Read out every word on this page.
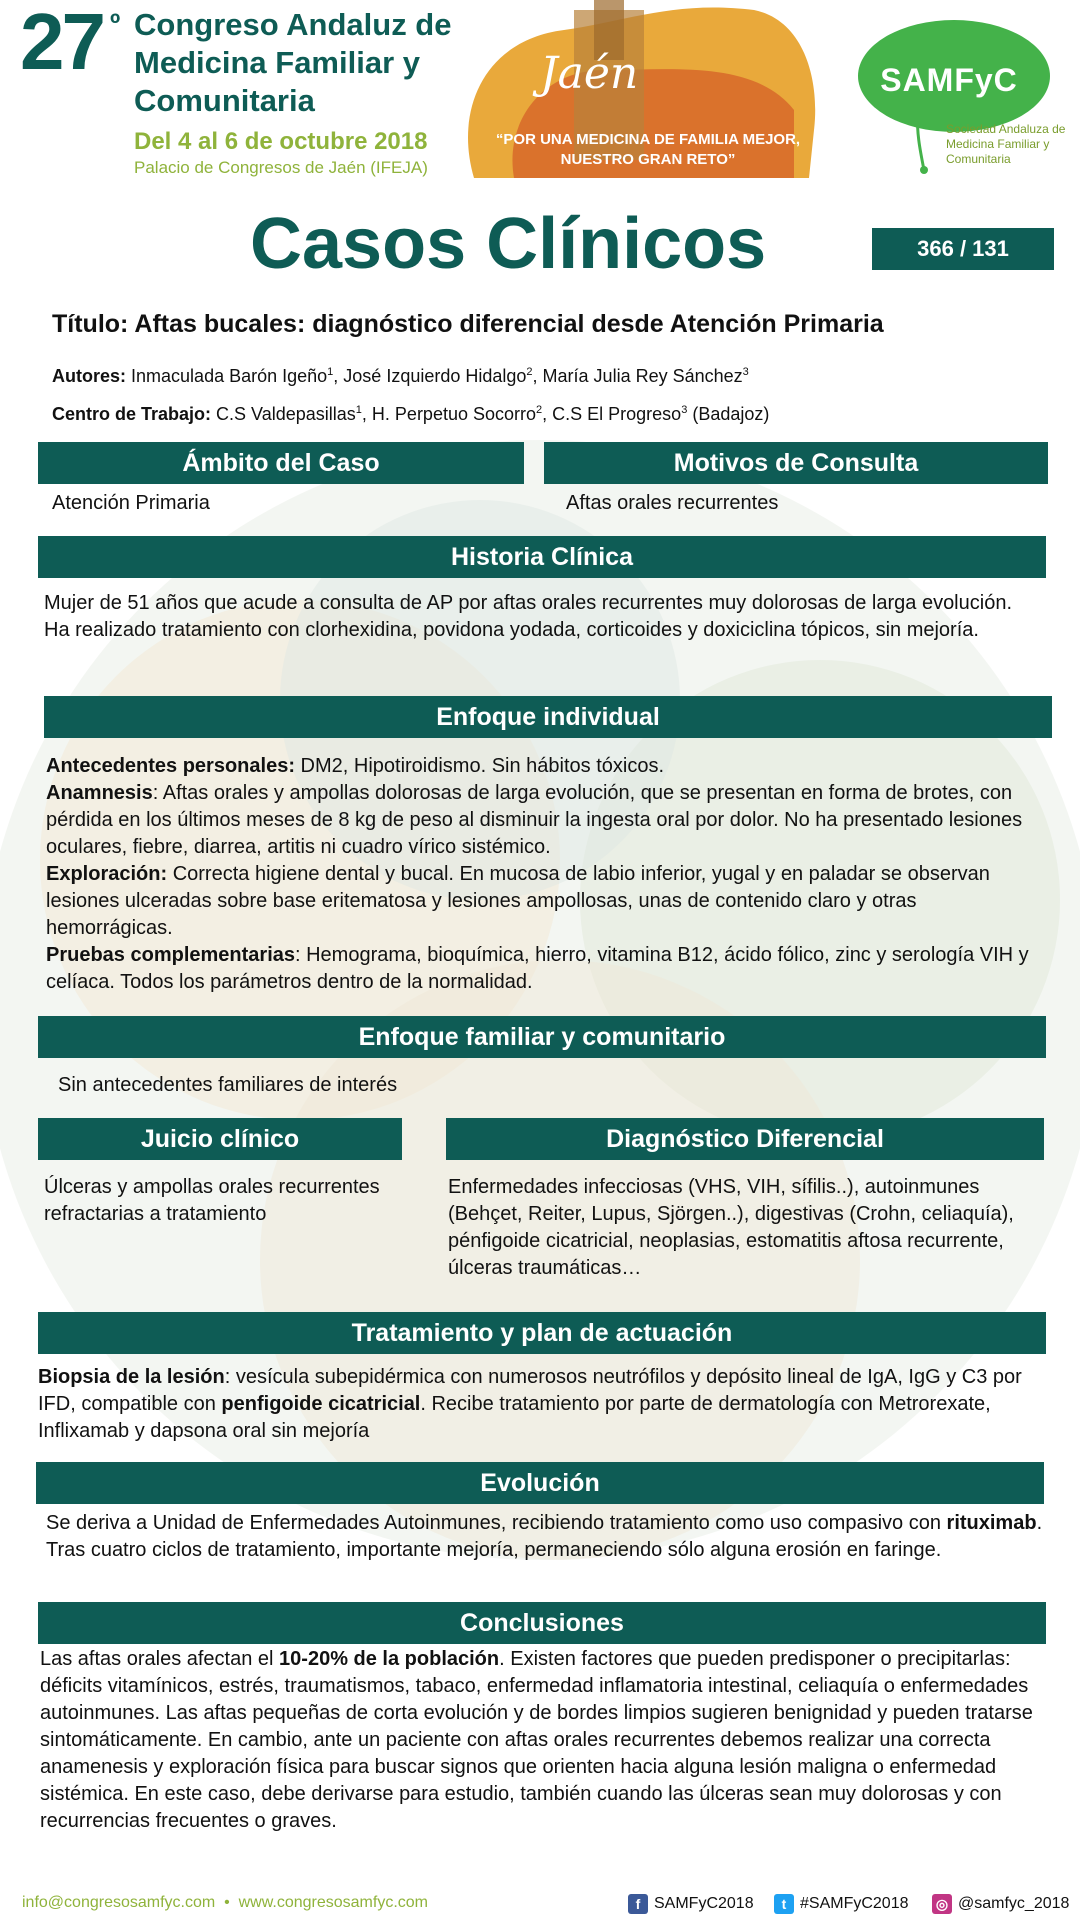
27 º Congreso Andaluz de Medicina Familiar y Comunitaria
Del 4 al 6 de octubre 2018
Palacio de Congresos de Jaén (IFEJA)
Jaén
“POR UNA MEDICINA DE FAMILIA MEJOR,
NUESTRO GRAN RETO”
SAMFyC
Sociedad Andaluza de Medicina Familiar y Comunitaria
Casos Clínicos	366 / 131
Título: Aftas bucales: diagnóstico diferencial desde Atención Primaria
Autores: Inmaculada Barón Igeño$^1$, José Izquierdo Hidalgo$^2$, María Julia Rey Sánchez$^3$
Centro de Trabajo: C.S Valdepasillas$^1$, H. Perpetuo Socorro$^2$, C.S El Progreso$^3$ (Badajoz)
Ámbito del Caso	Motivos de Consulta
Atención Primaria	Aftas orales recurrentes
Historia Clínica
Mujer de 51 años que acude a consulta de AP por aftas orales recurrentes muy dolorosas de larga evolución. Ha realizado tratamiento con clorhexidina, povidona yodada, corticoides y doxiciclina tópicos, sin mejoría.
Enfoque individual
Antecedentes personales: DM2, Hipotiroidismo. Sin hábitos tóxicos.
Anamnesis: Aftas orales y ampollas dolorosas de larga evolución, que se presentan en forma de brotes, con pérdida en los últimos meses de 8 kg de peso al disminuir la ingesta oral por dolor. No ha presentado lesiones oculares, fiebre, diarrea, artitis ni cuadro vírico sistémico.
Exploración: Correcta higiene dental y bucal. En mucosa de labio inferior, yugal y en paladar se observan lesiones ulceradas sobre base eritematosa y lesiones ampollosas, unas de contenido claro y otras hemorrágicas.
Pruebas complementarias: Hemograma, bioquímica, hierro, vitamina B12, ácido fólico, zinc y serología VIH y celíaca. Todos los parámetros dentro de la normalidad.
Enfoque familiar y comunitario
Sin antecedentes familiares de interés
Juicio clínico	Diagnóstico Diferencial
Úlceras y ampollas orales recurrentes refractarias a tratamiento
Enfermedades infecciosas (VHS, VIH, sífilis..), autoinmunes (Behçet, Reiter, Lupus, Sjörgen..), digestivas (Crohn, celiaquía), pénfigoide cicatricial, neoplasias, estomatitis aftosa recurrente, úlceras traumáticas…
Tratamiento y plan de actuación
Biopsia de la lesión: vesícula subepidérmica con numerosos neutrófilos y depósito lineal de IgA, IgG y C3 por IFD, compatible con penfigoide cicatricial. Recibe tratamiento por parte de dermatología con Metrorexate, Inflixamab y dapsona oral sin mejoría
Evolución
Se deriva a Unidad de Enfermedades Autoinmunes, recibiendo tratamiento como uso compasivo con rituximab. Tras cuatro ciclos de tratamiento, importante mejoría, permaneciendo sólo alguna erosión en faringe.
Conclusiones
Las aftas orales afectan el 10-20% de la población. Existen factores que pueden predisponer o precipitarlas: déficits vitamínicos, estrés, traumatismos, tabaco, enfermedad inflamatoria intestinal, celiaquía o enfermedades autoinmunes. Las aftas pequeñas de corta evolución y de bordes limpios sugieren benignidad y pueden tratarse sintomáticamente. En cambio, ante un paciente con aftas orales recurrentes debemos realizar una correcta anamenesis y exploración física para buscar signos que orienten hacia alguna lesión maligna o enfermedad sistémica. En este caso, debe derivarse para estudio, también cuando las úlceras sean muy dolorosas y con recurrencias frecuentes o graves.
info@congresosamfyc.com • www.congresosamfyc.com	f SAMFyC2018	t #SAMFyC2018 ◎ @samfyc_2018
